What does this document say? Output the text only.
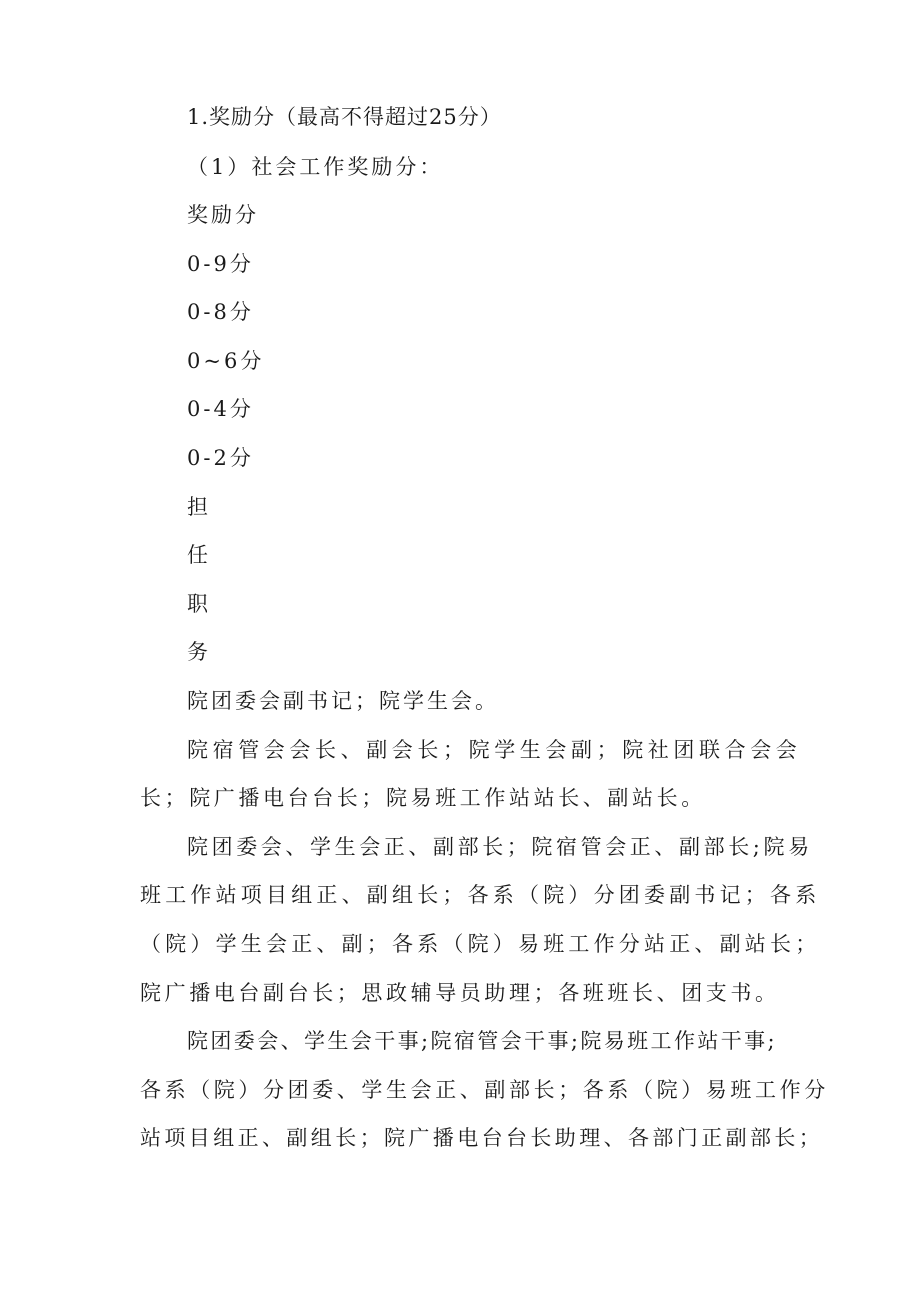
1.奖励分（最高不得超过25分）
（1）社会工作奖励分：
奖励分
0-9分
0-8分
0~6分
0-4分
0-2分
担
任
职
务
院团委会副书记；院学生会。
院宿管会会长、副会长；院学生会副；院社团联合会会
长；院广播电台台长；院易班工作站站长、副站长。
院团委会、学生会正、副部长；院宿管会正、副部长;院易
班工作站项目组正、副组长；各系（院）分团委副书记；各系
（院）学生会正、副；各系（院）易班工作分站正、副站长；
院广播电台副台长；思政辅导员助理；各班班长、团支书。
院团委会、学生会干事;院宿管会干事;院易班工作站干事;
各系（院）分团委、学生会正、副部长；各系（院）易班工作分
站项目组正、副组长；院广播电台台长助理、各部门正副部长；
